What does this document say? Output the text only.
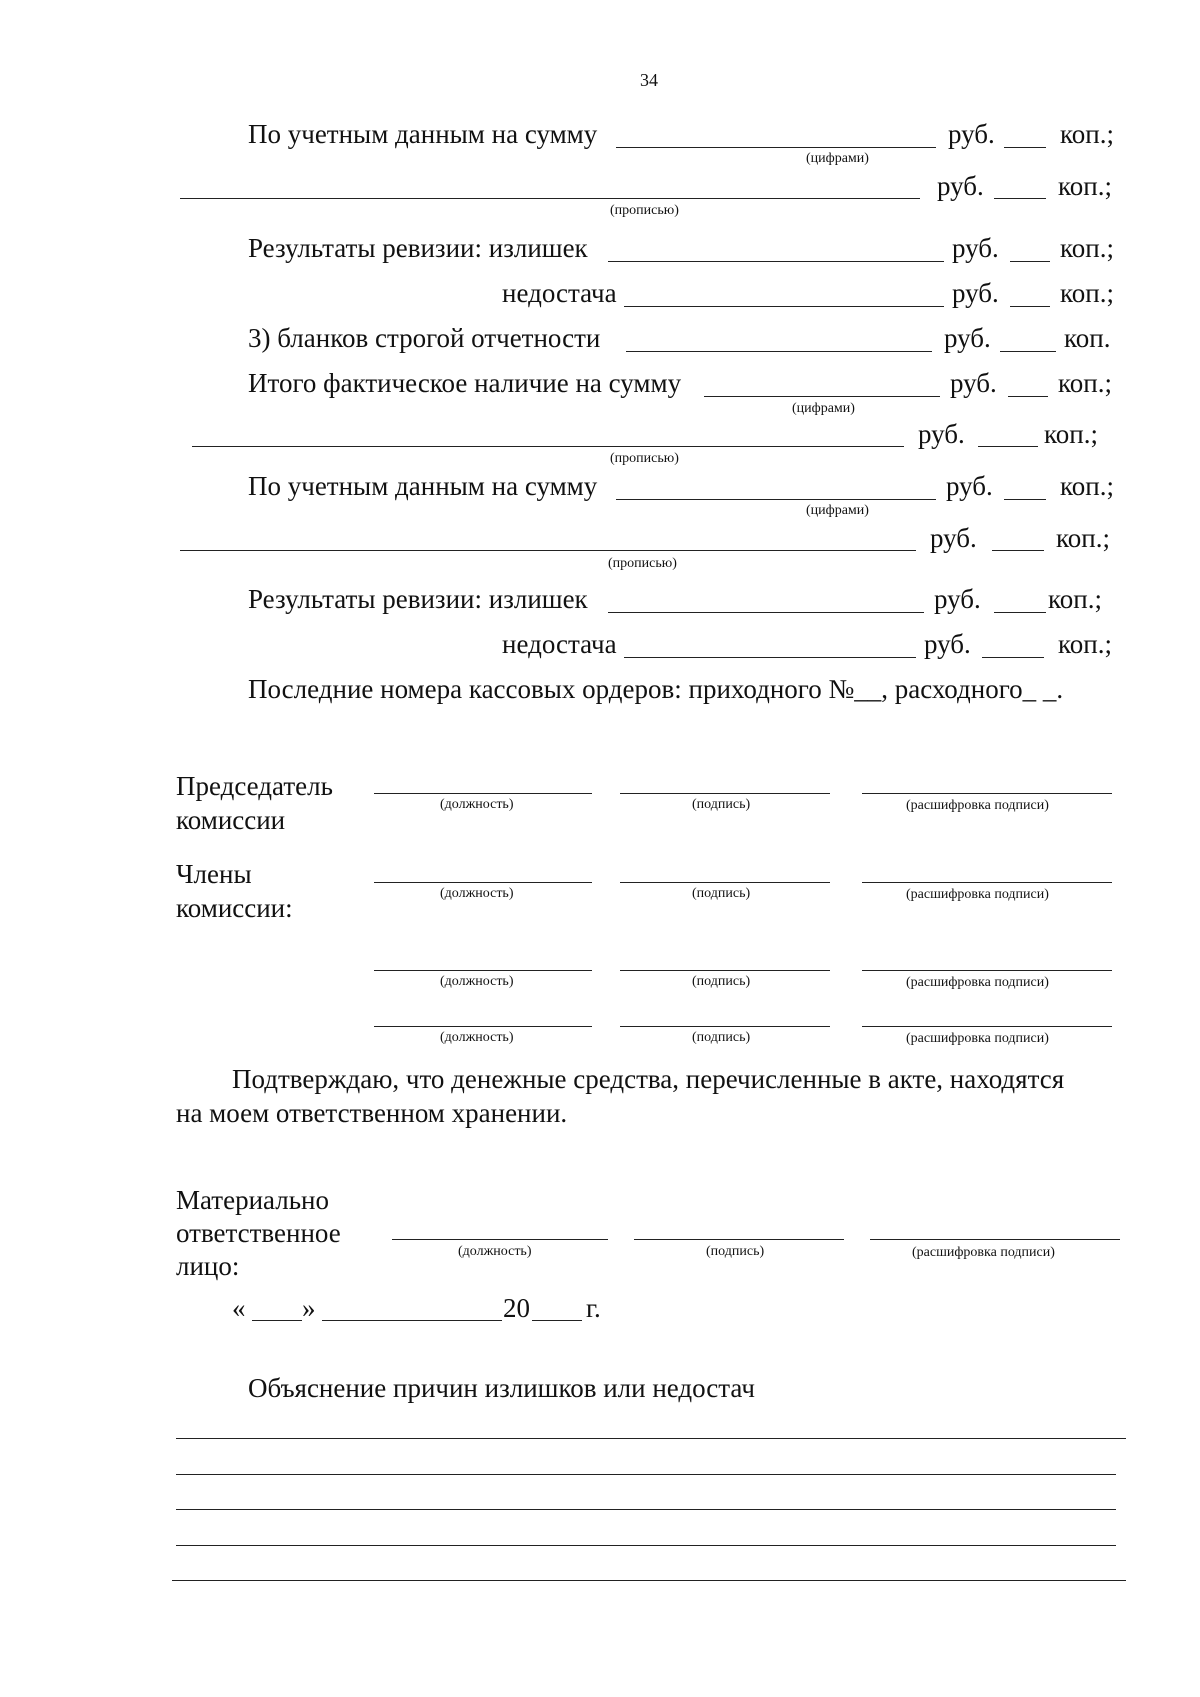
34
По учетным данным на сумму	руб. коп.;
(цифрами)
руб.	коп.;
(прописью)
Результаты ревизии: излишек	руб. коп.;
недостача	руб. коп.;
3) бланков строгой отчетности	руб.	коп.
Итого фактическое наличие на сумму	руб. коп.;
(цифрами)
руб.	коп.;
(прописью)
По учетным данным на сумму	руб. коп.;
(цифрами)
руб.	коп.;
(прописью)
Результаты ревизии: излишек	руб. коп.;
недостача	руб.	коп.;
Последние номера кассовых ордеров: приходного №__, расходного_ _.
Председатель
комиссии
(должность)	(подпись)	(расшифровка подписи)
Члены
комиссии:	(должность)	(подпись)	(расшифровка подписи)
(должность)	(подпись)	(расшифровка подписи)
(должность)	(подпись)	(расшифровка подписи)
Подтверждаю, что денежные средства, перечисленные в акте, находятся
на моем ответственном хранении.
Материально
ответственное
лицо:	(должность)	(подпись)	(расшифровка подписи)
« »	20 г.
Объяснение причин излишков или недостач
